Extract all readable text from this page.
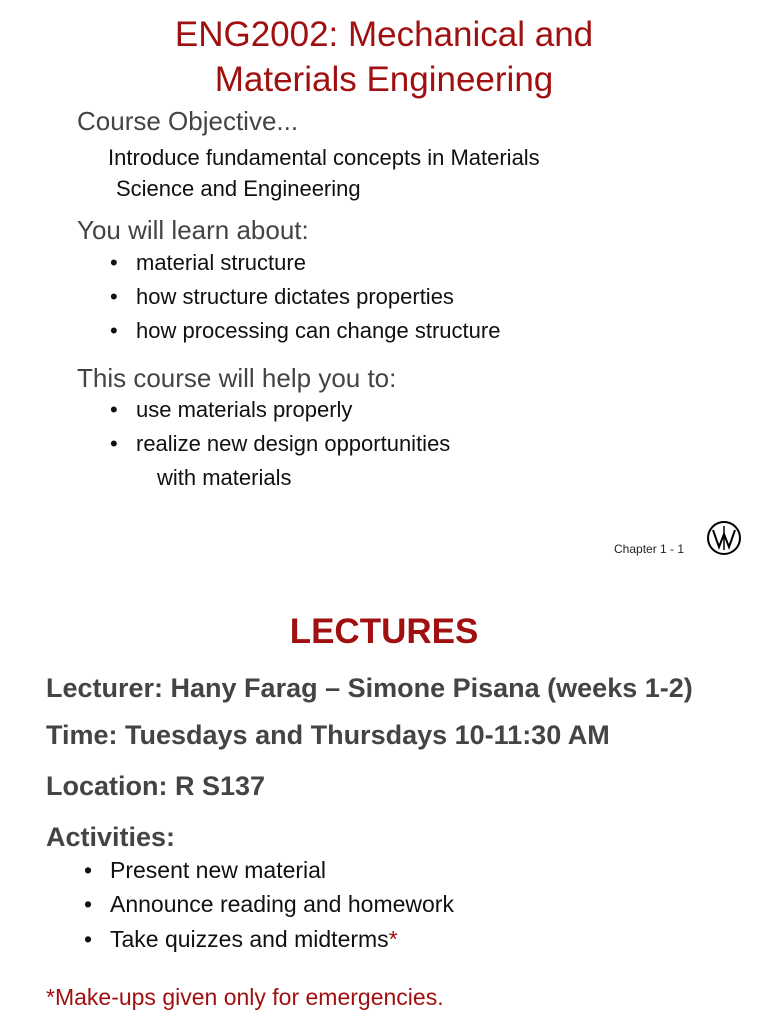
ENG2002: Mechanical and
Materials Engineering
Course Objective...
Introduce fundamental concepts in Materials
Science and Engineering
You will learn about:
• material structure
• how structure dictates properties
• how processing can change structure
This course will help you to:
• use materials properly
• realize new design opportunities
with materials
Chapter 1 - 1
LECTURES
Lecturer: Hany Farag – Simone Pisana (weeks 1-2)
Time: Tuesdays and Thursdays 10-11:30 AM
Location: R S137
Activities:
• Present new material
• Announce reading and homework
• Take quizzes and midterms*
*Make-ups given only for emergencies.
